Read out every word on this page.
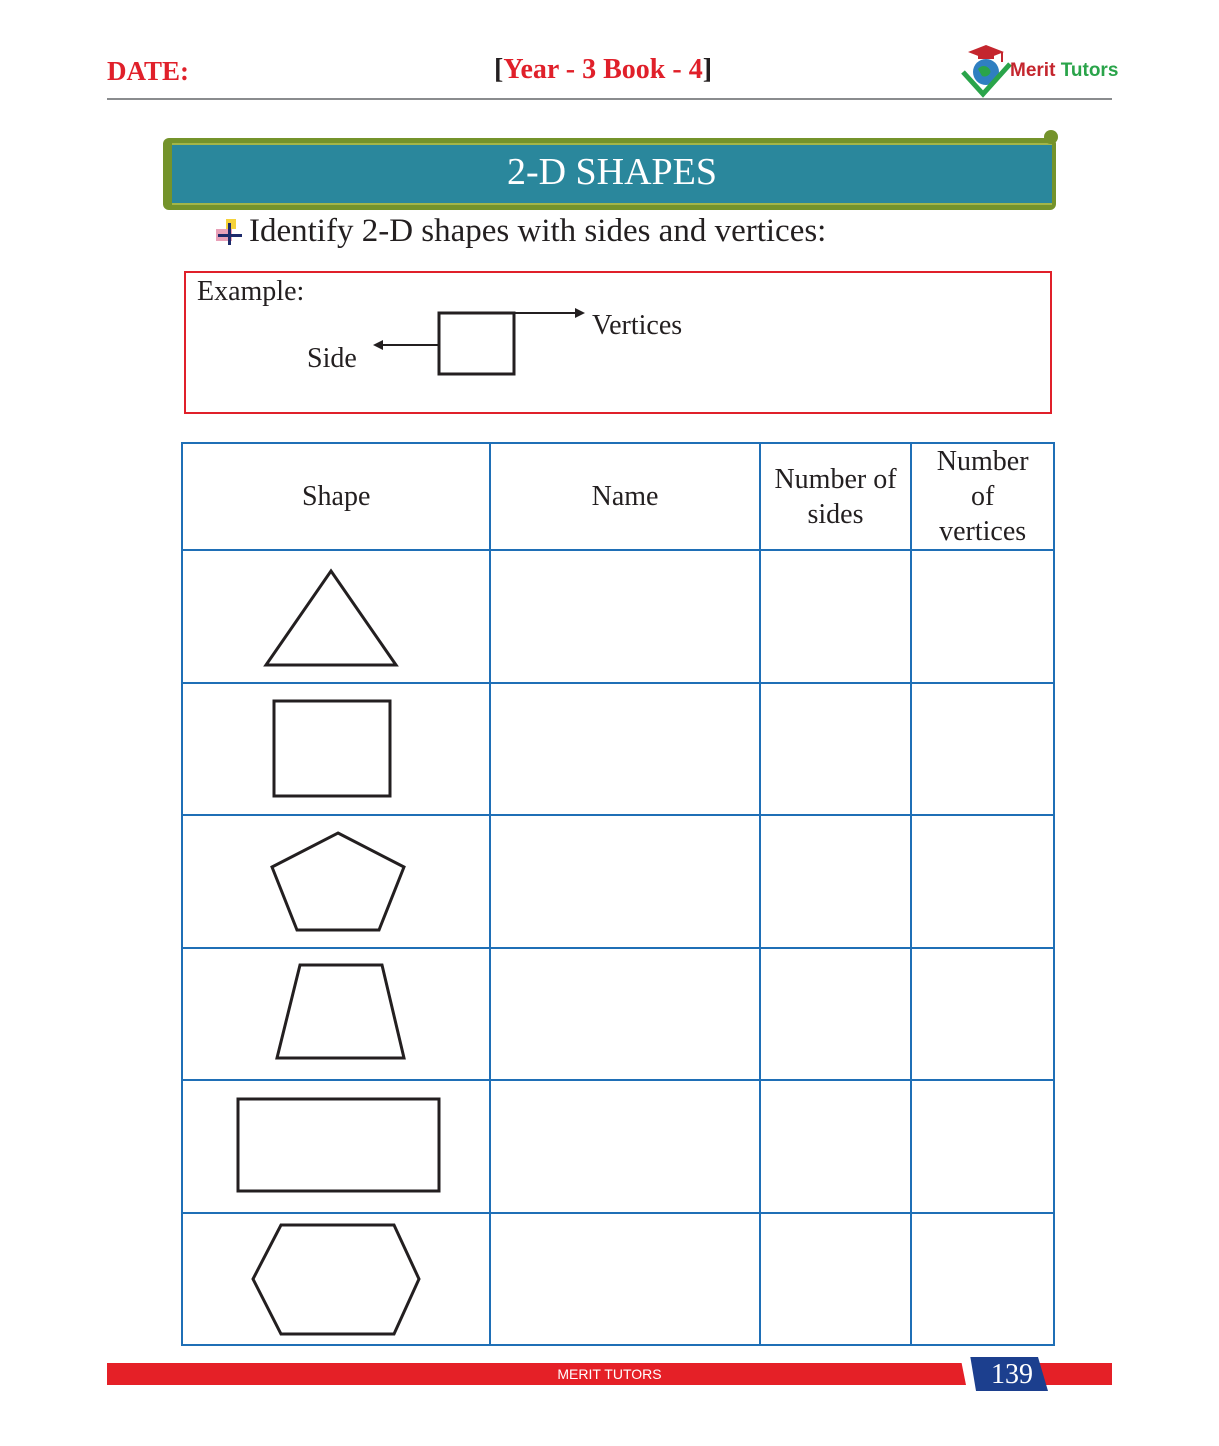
DATE:	[Year - 3 Book - 4]	Merit Tutors
2-D SHAPES
Identify 2-D shapes with sides and vertices:
Example:
Side
Vertices
Shape	Name	Number of sides	Number of vertices

MERIT TUTORS	139
